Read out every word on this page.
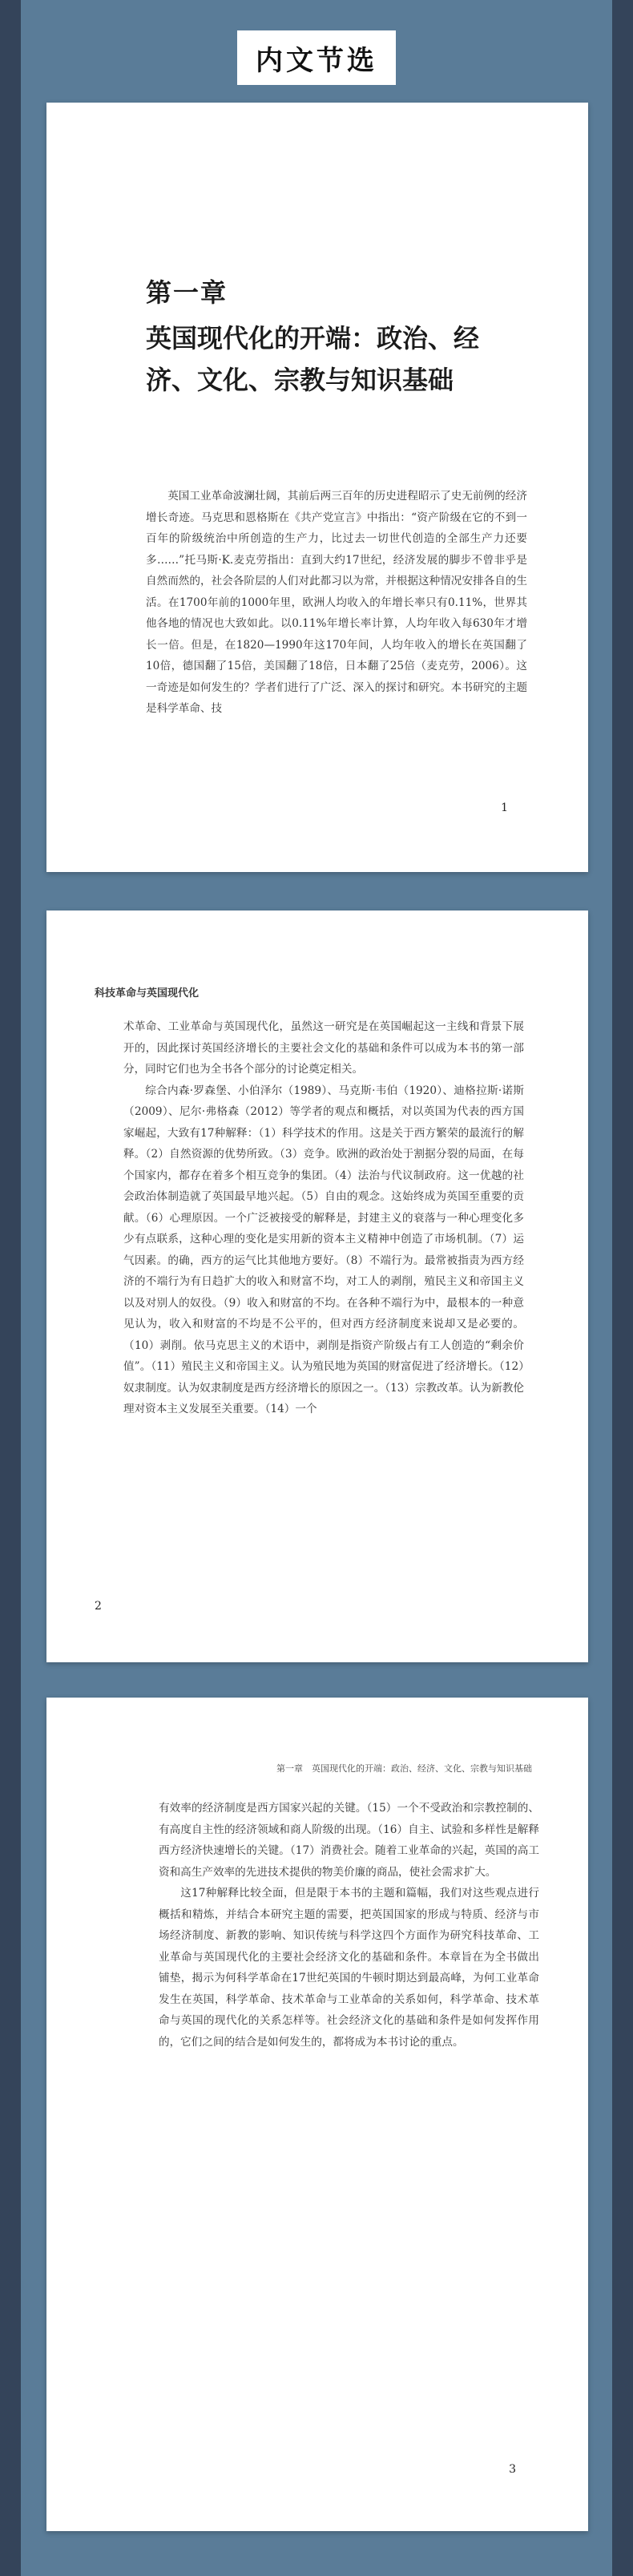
内文节选
第一章
英国现代化的开端：政治、经济、文化、宗教与知识基础

英国工业革命波澜壮阔，其前后两三百年的历史进程昭示了史无前例的经济增长奇迹。马克思和恩格斯在《共产党宣言》中指出：“资产阶级在它的不到一百年的阶级统治中所创造的生产力，比过去一切世代创造的全部生产力还要多……”托马斯·K.麦克劳指出：直到大约17世纪，经济发展的脚步不曾非乎是自然而然的，社会各阶层的人们对此都习以为常，并根据这种情况安排各自的生活。在1700年前的1000年里，欧洲人均收入的年增长率只有0.11%，世界其他各地的情况也大致如此。以0.11%年增长率计算，人均年收入每630年才增长一倍。但是，在1820—1990年这170年间，人均年收入的增长在英国翻了10倍，德国翻了15倍，美国翻了18倍，日本翻了25倍（麦克劳，2006）。这一奇迹是如何发生的？学者们进行了广泛、深入的探讨和研究。本书研究的主题是科学革命、技

1
科技革命与英国现代化

术革命、工业革命与英国现代化，虽然这一研究是在英国崛起这一主线和背景下展开的，因此探讨英国经济增长的主要社会文化的基础和条件可以成为本书的第一部分，同时它们也为全书各个部分的讨论奠定相关。

综合内森·罗森堡、小伯泽尔（1989）、马克斯·韦伯（1920）、迪格拉斯·诺斯（2009）、尼尔·弗格森（2012）等学者的观点和概括，对以英国为代表的西方国家崛起，大致有17种解释：（1）科学技术的作用。这是关于西方繁荣的最流行的解释。（2）自然资源的优势所致。（3）竞争。欧洲的政治处于割据分裂的局面，在每个国家内，都存在着多个相互竞争的集团。（4）法治与代议制政府。这一优越的社会政治体制造就了英国最早地兴起。（5）自由的观念。这始终成为英国至重要的贡献。（6）心理原因。一个广泛被接受的解释是，封建主义的衰落与一种心理变化多少有点联系，这种心理的变化是实用新的资本主义精神中创造了市场机制。（7）运气因素。的确，西方的运气比其他地方要好。（8）不端行为。最常被指责为西方经济的不端行为有日趋扩大的收入和财富不均，对工人的剥削，殖民主义和帝国主义以及对别人的奴役。（9）收入和财富的不均。在各种不端行为中，最根本的一种意见认为，收入和财富的不均是不公平的，但对西方经济制度来说却又是必要的。（10）剥削。依马克思主义的术语中，剥削是指资产阶级占有工人创造的“剩余价值”。（11）殖民主义和帝国主义。认为殖民地为英国的财富促进了经济增长。（12）奴隶制度。认为奴隶制度是西方经济增长的原因之一。（13）宗教改革。认为新教伦理对资本主义发展至关重要。（14）一个

2
第一章　英国现代化的开端：政治、经济、文化、宗教与知识基础

有效率的经济制度是西方国家兴起的关键。（15）一个不受政治和宗教控制的、有高度自主性的经济领域和商人阶级的出现。（16）自主、试验和多样性是解释西方经济快速增长的关键。（17）消费社会。随着工业革命的兴起，英国的高工资和高生产效率的先进技术提供的物美价廉的商品，使社会需求扩大。

这17种解释比较全面，但是限于本书的主题和篇幅，我们对这些观点进行概括和精炼，并结合本研究主题的需要，把英国国家的形成与特质、经济与市场经济制度、新教的影响、知识传统与科学这四个方面作为研究科技革命、工业革命与英国现代化的主要社会经济文化的基础和条件。本章旨在为全书做出铺垫，揭示为何科学革命在17世纪英国的牛顿时期达到最高峰，为何工业革命发生在英国，科学革命、技术革命与工业革命的关系如何，科学革命、技术革命与英国的现代化的关系怎样等。社会经济文化的基础和条件是如何发挥作用的，它们之间的结合是如何发生的，都将成为本书讨论的重点。

3
